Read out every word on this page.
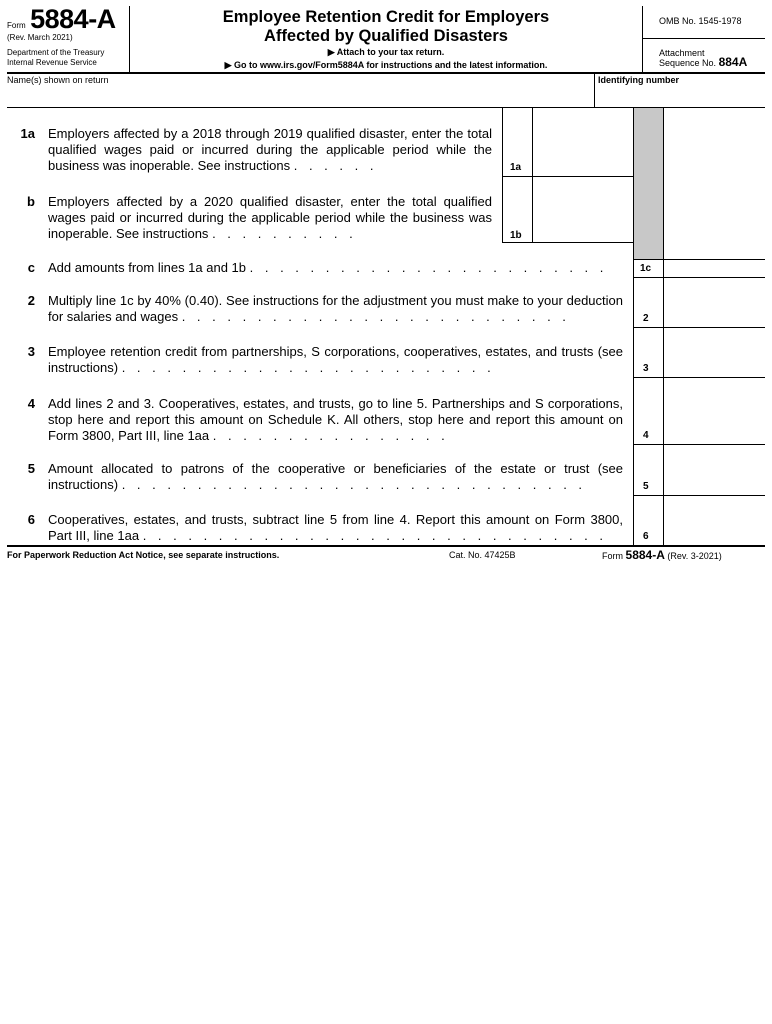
Form 5884-A
(Rev. March 2021)
Department of the Treasury
Internal Revenue Service
Employee Retention Credit for Employers
Affected by Qualified Disasters
▶ Attach to your tax return.
▶ Go to www.irs.gov/Form5884A for instructions and the latest information.
OMB No. 1545-1978
Attachment
Sequence No. 884A
Name(s) shown on return	Identifying number
1a Employers affected by a 2018 through 2019 qualified disaster, enter the total qualified wages paid or incurred during the applicable period while the business was inoperable. See instructions . . . . . .	1a
b Employers affected by a 2020 qualified disaster, enter the total qualified wages paid or incurred during the applicable period while the business was inoperable. See instructions . . . . . . . . . .	1b
c Add amounts from lines 1a and 1b . . . . . . . . . . . . . . . . . . . . . . . .	1c
2 Multiply line 1c by 40% (0.40). See instructions for the adjustment you must make to your deduction for salaries and wages . . . . . . . . . . . . . . . . . . . . . . . . . .	2
3 Employee retention credit from partnerships, S corporations, cooperatives, estates, and trusts (see instructions) . . . . . . . . . . . . . . . . . . . . . . . . .	3
4 Add lines 2 and 3. Cooperatives, estates, and trusts, go to line 5. Partnerships and S corporations, stop here and report this amount on Schedule K. All others, stop here and report this amount on Form 3800, Part III, line 1aa . . . . . . . . . . . . . . . .	4
5 Amount allocated to patrons of the cooperative or beneficiaries of the estate or trust (see instructions) . . . . . . . . . . . . . . . . . . . . . . . . . . . . . . .	5
6 Cooperatives, estates, and trusts, subtract line 5 from line 4. Report this amount on Form 3800, Part III, line 1aa . . . . . . . . . . . . . . . . . . . . . . . . . . . . . . .	6
For Paperwork Reduction Act Notice, see separate instructions.	Cat. No. 47425B	Form 5884-A (Rev. 3-2021)
